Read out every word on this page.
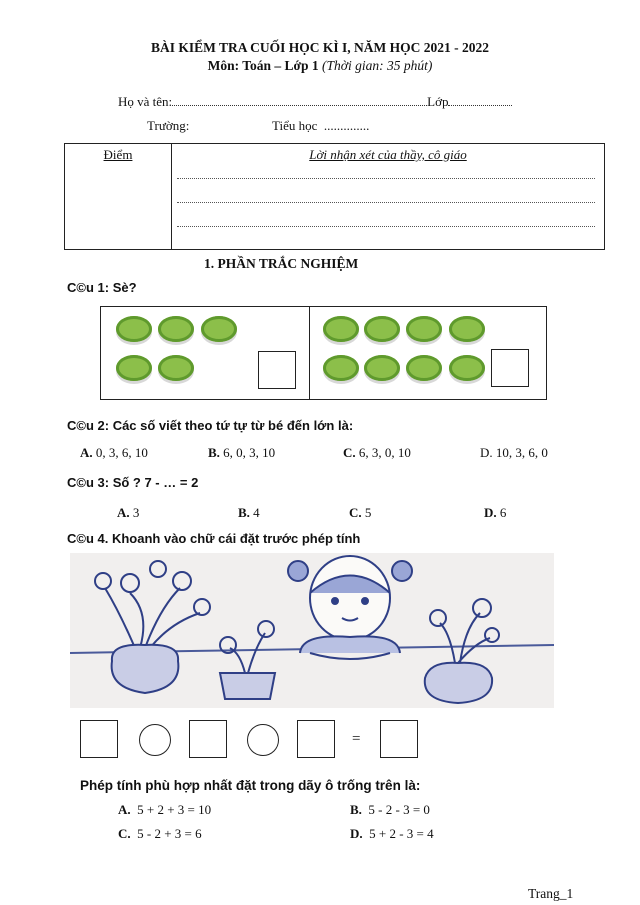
BÀI KIỂM TRA CUỐI HỌC KÌ I, NĂM HỌC 2021 - 2022
Môn: Toán – Lớp 1 (Thời gian: 35 phút)
Họ và tên:	Lớp
Trường:	Tiểu học ..............
Điểm	Lời nhận xét của thầy, cô giáo
1. PHẦN TRẮC NGHIỆM
C©u 1: Sè?
C©u 2: Các số viết theo tứ tự từ bé đến lớn là:
A. 0, 3, 6, 10	B. 6, 0, 3, 10	C. 6, 3, 0, 10	D. 10, 3, 6, 0
C©u 3: Số ? 7 - … = 2
A. 3	B. 4	C. 5	D. 6
C©u 4. Khoanh vào chữ cái đặt trước phép tính
=
Phép tính phù hợp nhất đặt trong dãy ô trống trên là:
A. 5 + 2 + 3 = 10	B. 5 - 2 - 3 = 0
C. 5 - 2 + 3 = 6	D. 5 + 2 - 3 = 4
Trang_1
